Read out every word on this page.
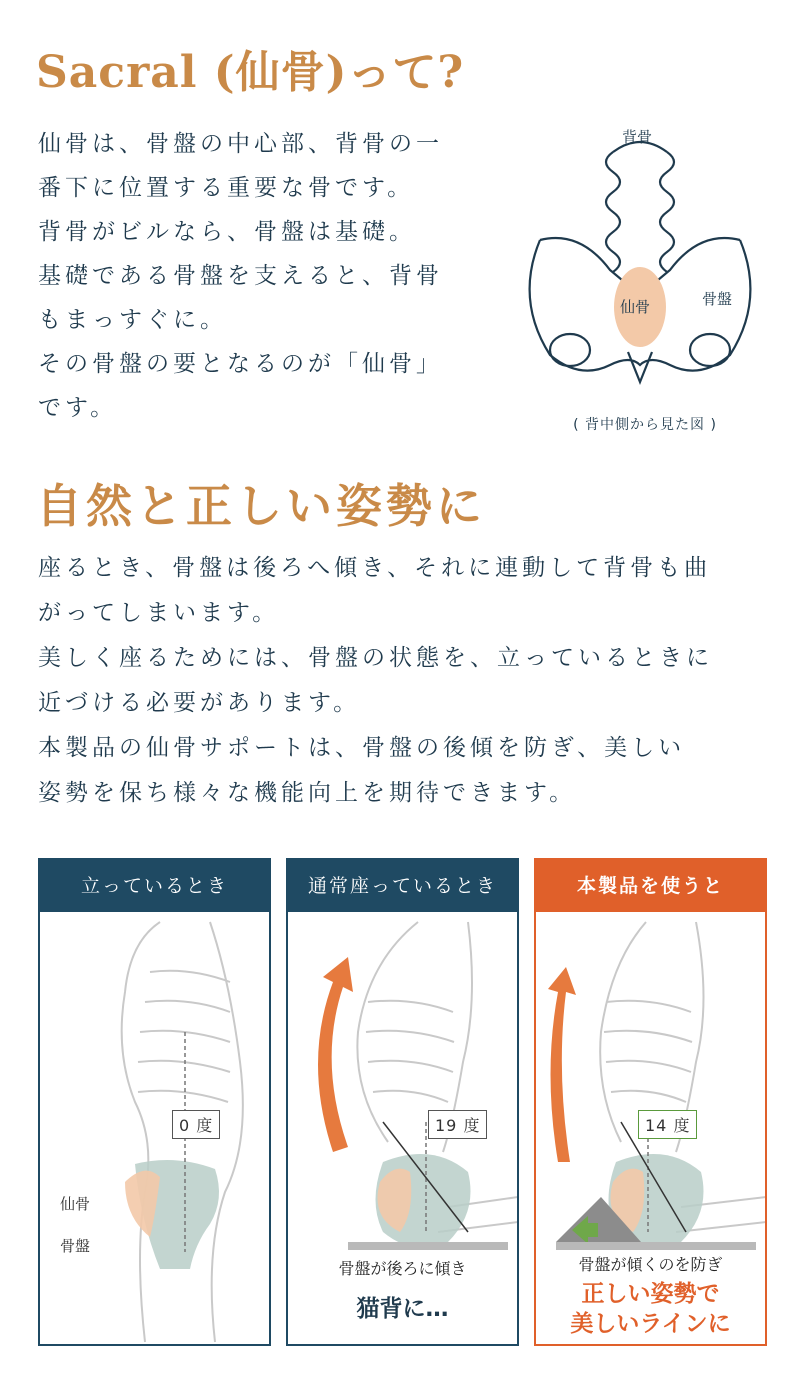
Sacral (仙骨)って?
仙骨は、骨盤の中心部、背骨の一
番下に位置する重要な骨です。
背骨がビルなら、骨盤は基礎。
基礎である骨盤を支えると、背骨
もまっすぐに。
その骨盤の要となるのが「仙骨」
です。
背骨
仙骨	骨盤
( 背中側から見た図 )
自然と正しい姿勢に
座るとき、骨盤は後ろへ傾き、それに連動して背骨も曲
がってしまいます。
美しく座るためには、骨盤の状態を、立っているときに
近づける必要があります。
本製品の仙骨サポートは、骨盤の後傾を防ぎ、美しい
姿勢を保ち様々な機能向上を期待できます。
立っているとき
0 度
仙骨
骨盤
通常座っているとき
19 度
骨盤が後ろに傾き
猫背に…
本製品を使うと
14 度
骨盤が傾くのを防ぎ
正しい姿勢で
美しいラインに
